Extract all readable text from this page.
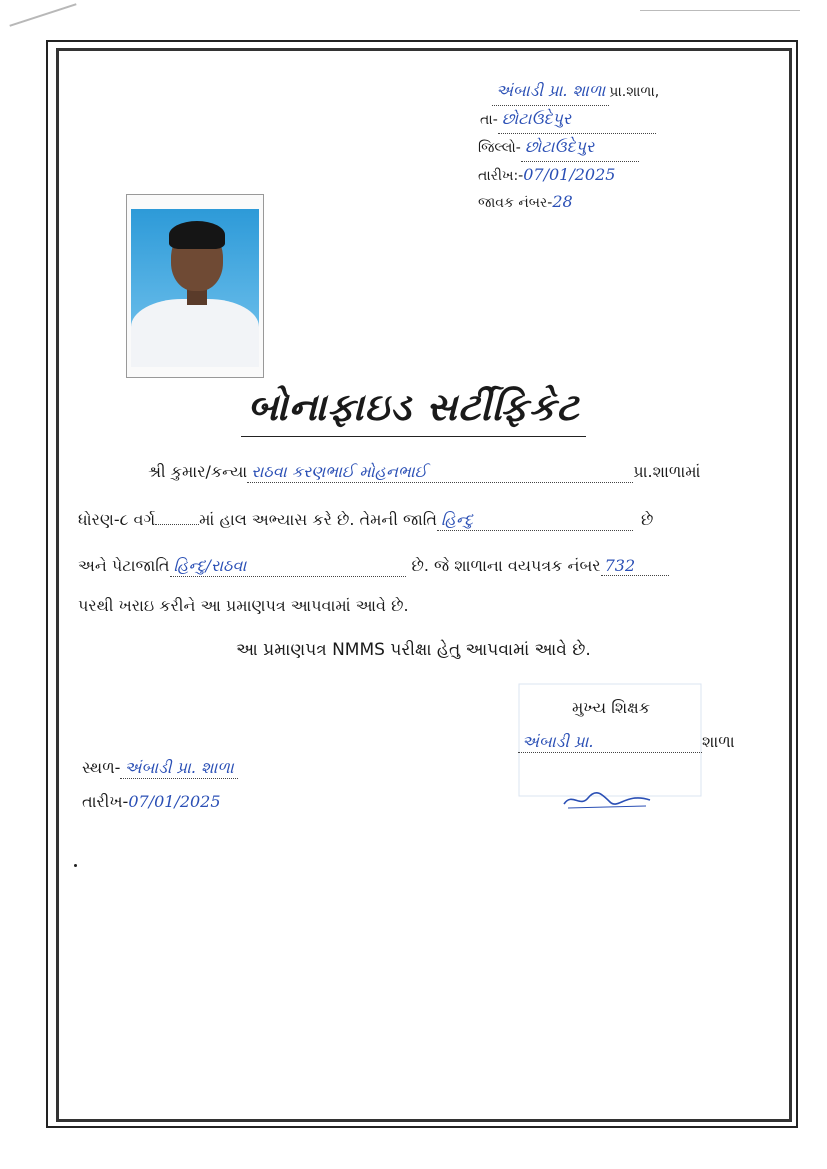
અંબાડી પ્રા. શાળા પ્રા.શાળા,
તા- છોટાઉદેપુર
જિલ્લો- છોટાઉદેપુર
તારીખ:- 07/01/2025
જાવક નંબર- 28
બોનાફાઇડ સર્ટીફિકેટ
શ્રી કુમાર/કન્યા રાઠવા કરણભાઈ મોહનભાઈ	પ્રા.શાળામાં
ધોરણ-૮ વર્ગ	માં હાલ અભ્યાસ કરે છે. તેમની જાતિ હિન્દુ	છે
અને પેટાજાતિ હિન્દુ/રાઠવા	છે. જે શાળાના વયપત્રક નંબર 732
પરથી ખરાઇ કરીને આ પ્રમાણપત્ર આપવામાં આવે છે.
આ પ્રમાણપત્ર NMMS પરીક્ષા હેતુ આપવામાં આવે છે.
મુખ્ય શિક્ષક
અંબાડી પ્રા.	શાળા
સ્થળ- અંબાડી પ્રા. શાળા
તારીખ- 07/01/2025
